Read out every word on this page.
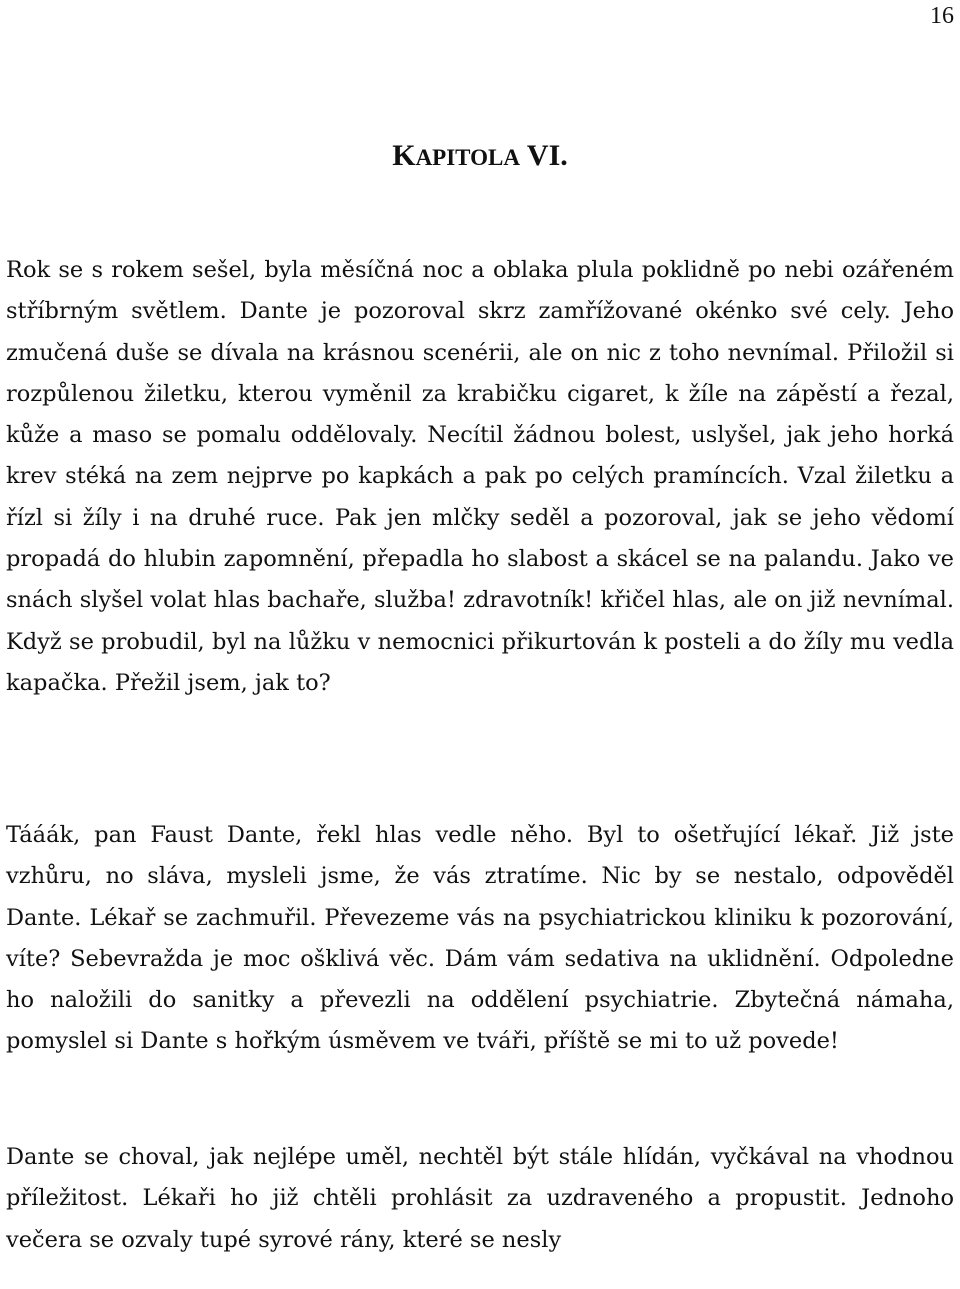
16
KAPITOLA VI.

Rok se s rokem sešel, byla měsíčná noc a oblaka plula poklidně po nebi ozářeném stříbrným světlem. Dante je pozoroval skrz zamřížované okénko své cely. Jeho zmučená duše se dívala na krásnou scenérii, ale on nic z toho nevnímal. Přiložil si rozpůlenou žiletku, kterou vyměnil za krabičku cigaret, k žíle na zápěstí a řezal, kůže a maso se pomalu oddělovaly. Necítil žádnou bolest, uslyšel, jak jeho horká krev stéká na zem nejprve po kapkách a pak po celých pramíncích. Vzal žiletku a řízl si žíly i na druhé ruce. Pak jen mlčky seděl a pozoroval, jak se jeho vědomí propadá do hlubin zapomnění, přepadla ho slabost a skácel se na palandu. Jako ve snách slyšel volat hlas bachaře, služba! zdravotník! křičel hlas, ale on již nevnímal. Když se probudil, byl na lůžku v nemocnici přikurtován k posteli a do žíly mu vedla kapačka. Přežil jsem, jak to?

Tááák, pan Faust Dante, řekl hlas vedle něho. Byl to ošetřující lékař. Již jste vzhůru, no sláva, mysleli jsme, že vás ztratíme. Nic by se nestalo, odpověděl Dante. Lékař se zachmuřil. Převezeme vás na psychiatrickou kliniku k pozorování, víte? Sebevražda je moc ošklivá věc. Dám vám sedativa na uklidnění. Odpoledne ho naložili do sanitky a převezli na oddělení psychiatrie. Zbytečná námaha, pomyslel si Dante s hořkým úsměvem ve tváři, příště se mi to už povede!

Dante se choval, jak nejlépe uměl, nechtěl být stále hlídán, vyčkával na vhodnou příležitost. Lékaři ho již chtěli prohlásit za uzdraveného a propustit. Jednoho večera se ozvaly tupé syrové rány, které se nesly
